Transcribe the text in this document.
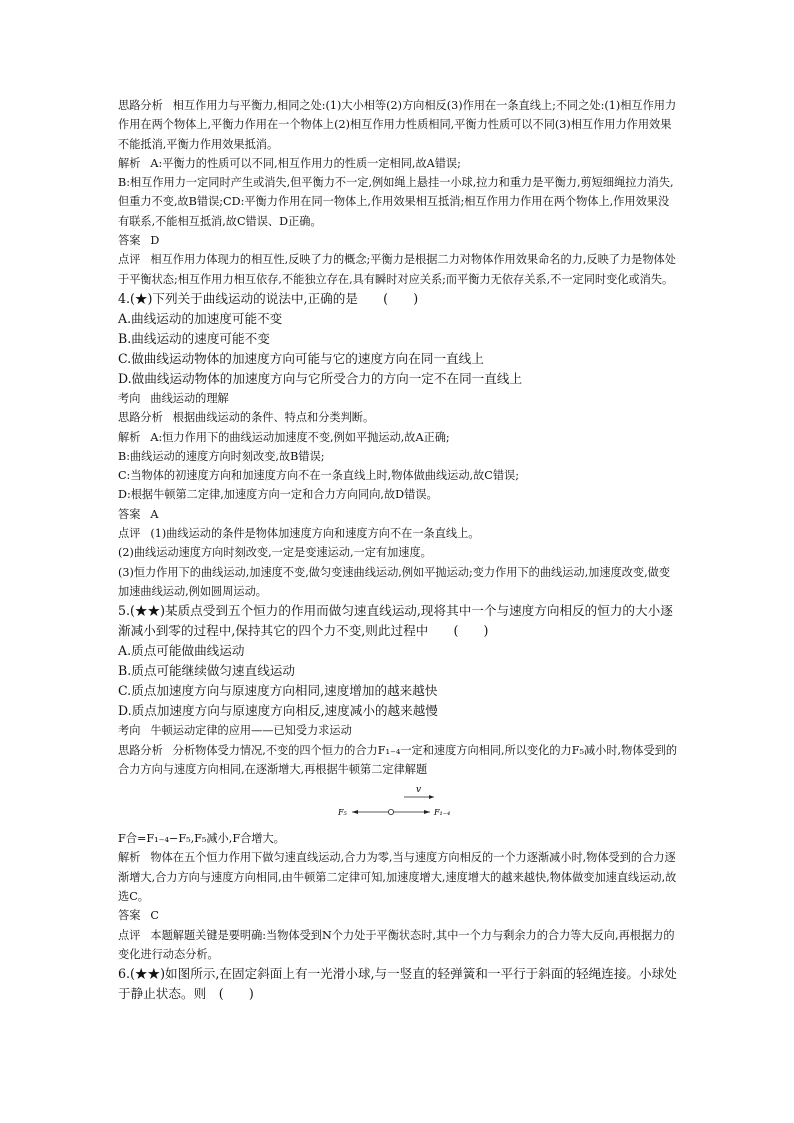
思路分析 相互作用力与平衡力,相同之处:(1)大小相等(2)方向相反(3)作用在一条直线上;不同之处:(1)相互作用力作用在两个物体上,平衡力作用在一个物体上(2)相互作用力性质相同,平衡力性质可以不同(3)相互作用力作用效果不能抵消,平衡力作用效果抵消。

解析 A:平衡力的性质可以不同,相互作用力的性质一定相同,故A错误;

B:相互作用力一定同时产生或消失,但平衡力不一定,例如绳上悬挂一小球,拉力和重力是平衡力,剪短细绳拉力消失,但重力不变,故B错误;CD:平衡力作用在同一物体上,作用效果相互抵消;相互作用力作用在两个物体上,作用效果没有联系,不能相互抵消,故C错误、D正确。

答案 D

点评 相互作用力体现力的相互性,反映了力的概念;平衡力是根据二力对物体作用效果命名的力,反映了力是物体处于平衡状态;相互作用力相互依存,不能独立存在,具有瞬时对应关系;而平衡力无依存关系,不一定同时变化或消失。

4.(★)下列关于曲线运动的说法中,正确的是　　(　　)

A.曲线运动的加速度可能不变

B.曲线运动的速度可能不变

C.做曲线运动物体的加速度方向可能与它的速度方向在同一直线上

D.做曲线运动物体的加速度方向与它所受合力的方向一定不在同一直线上

考向 曲线运动的理解

思路分析 根据曲线运动的条件、特点和分类判断。

解析 A:恒力作用下的曲线运动加速度不变,例如平抛运动,故A正确;

B:曲线运动的速度方向时刻改变,故B错误;

C:当物体的初速度方向和加速度方向不在一条直线上时,物体做曲线运动,故C错误;

D:根据牛顿第二定律,加速度方向一定和合力方向同向,故D错误。

答案 A

点评 (1)曲线运动的条件是物体加速度方向和速度方向不在一条直线上。

(2)曲线运动速度方向时刻改变,一定是变速运动,一定有加速度。

(3)恒力作用下的曲线运动,加速度不变,做匀变速曲线运动,例如平抛运动;变力作用下的曲线运动,加速度改变,做变加速曲线运动,例如圆周运动。

5.(★★)某质点受到五个恒力的作用而做匀速直线运动,现将其中一个与速度方向相反的恒力的大小逐渐减小到零的过程中,保持其它的四个力不变,则此过程中　　(　　)

A.质点可能做曲线运动

B.质点可能继续做匀速直线运动

C.质点加速度方向与原速度方向相同,速度增加的越来越快

D.质点加速度方向与原速度方向相反,速度减小的越来越慢

考向 牛顿运动定律的应用——已知受力求运动

思路分析 分析物体受力情况,不变的四个恒力的合力F₁₋₄一定和速度方向相同,所以变化的力F₅减小时,物体受到的合力方向与速度方向相同,在逐渐增大,再根据牛顿第二定律解题

v
F₅	F₁₋₄

F合=F₁₋₄−F₅,F₅减小,F合增大。

解析 物体在五个恒力作用下做匀速直线运动,合力为零,当与速度方向相反的一个力逐渐减小时,物体受到的合力逐渐增大,合力方向与速度方向相同,由牛顿第二定律可知,加速度增大,速度增大的越来越快,物体做变加速直线运动,故选C。

答案 C

点评 本题解题关键是要明确:当物体受到N个力处于平衡状态时,其中一个力与剩余力的合力等大反向,再根据力的变化进行动态分析。

6.(★★)如图所示,在固定斜面上有一光滑小球,与一竖直的轻弹簧和一平行于斜面的轻绳连接。小球处于静止状态。则　(　　)
